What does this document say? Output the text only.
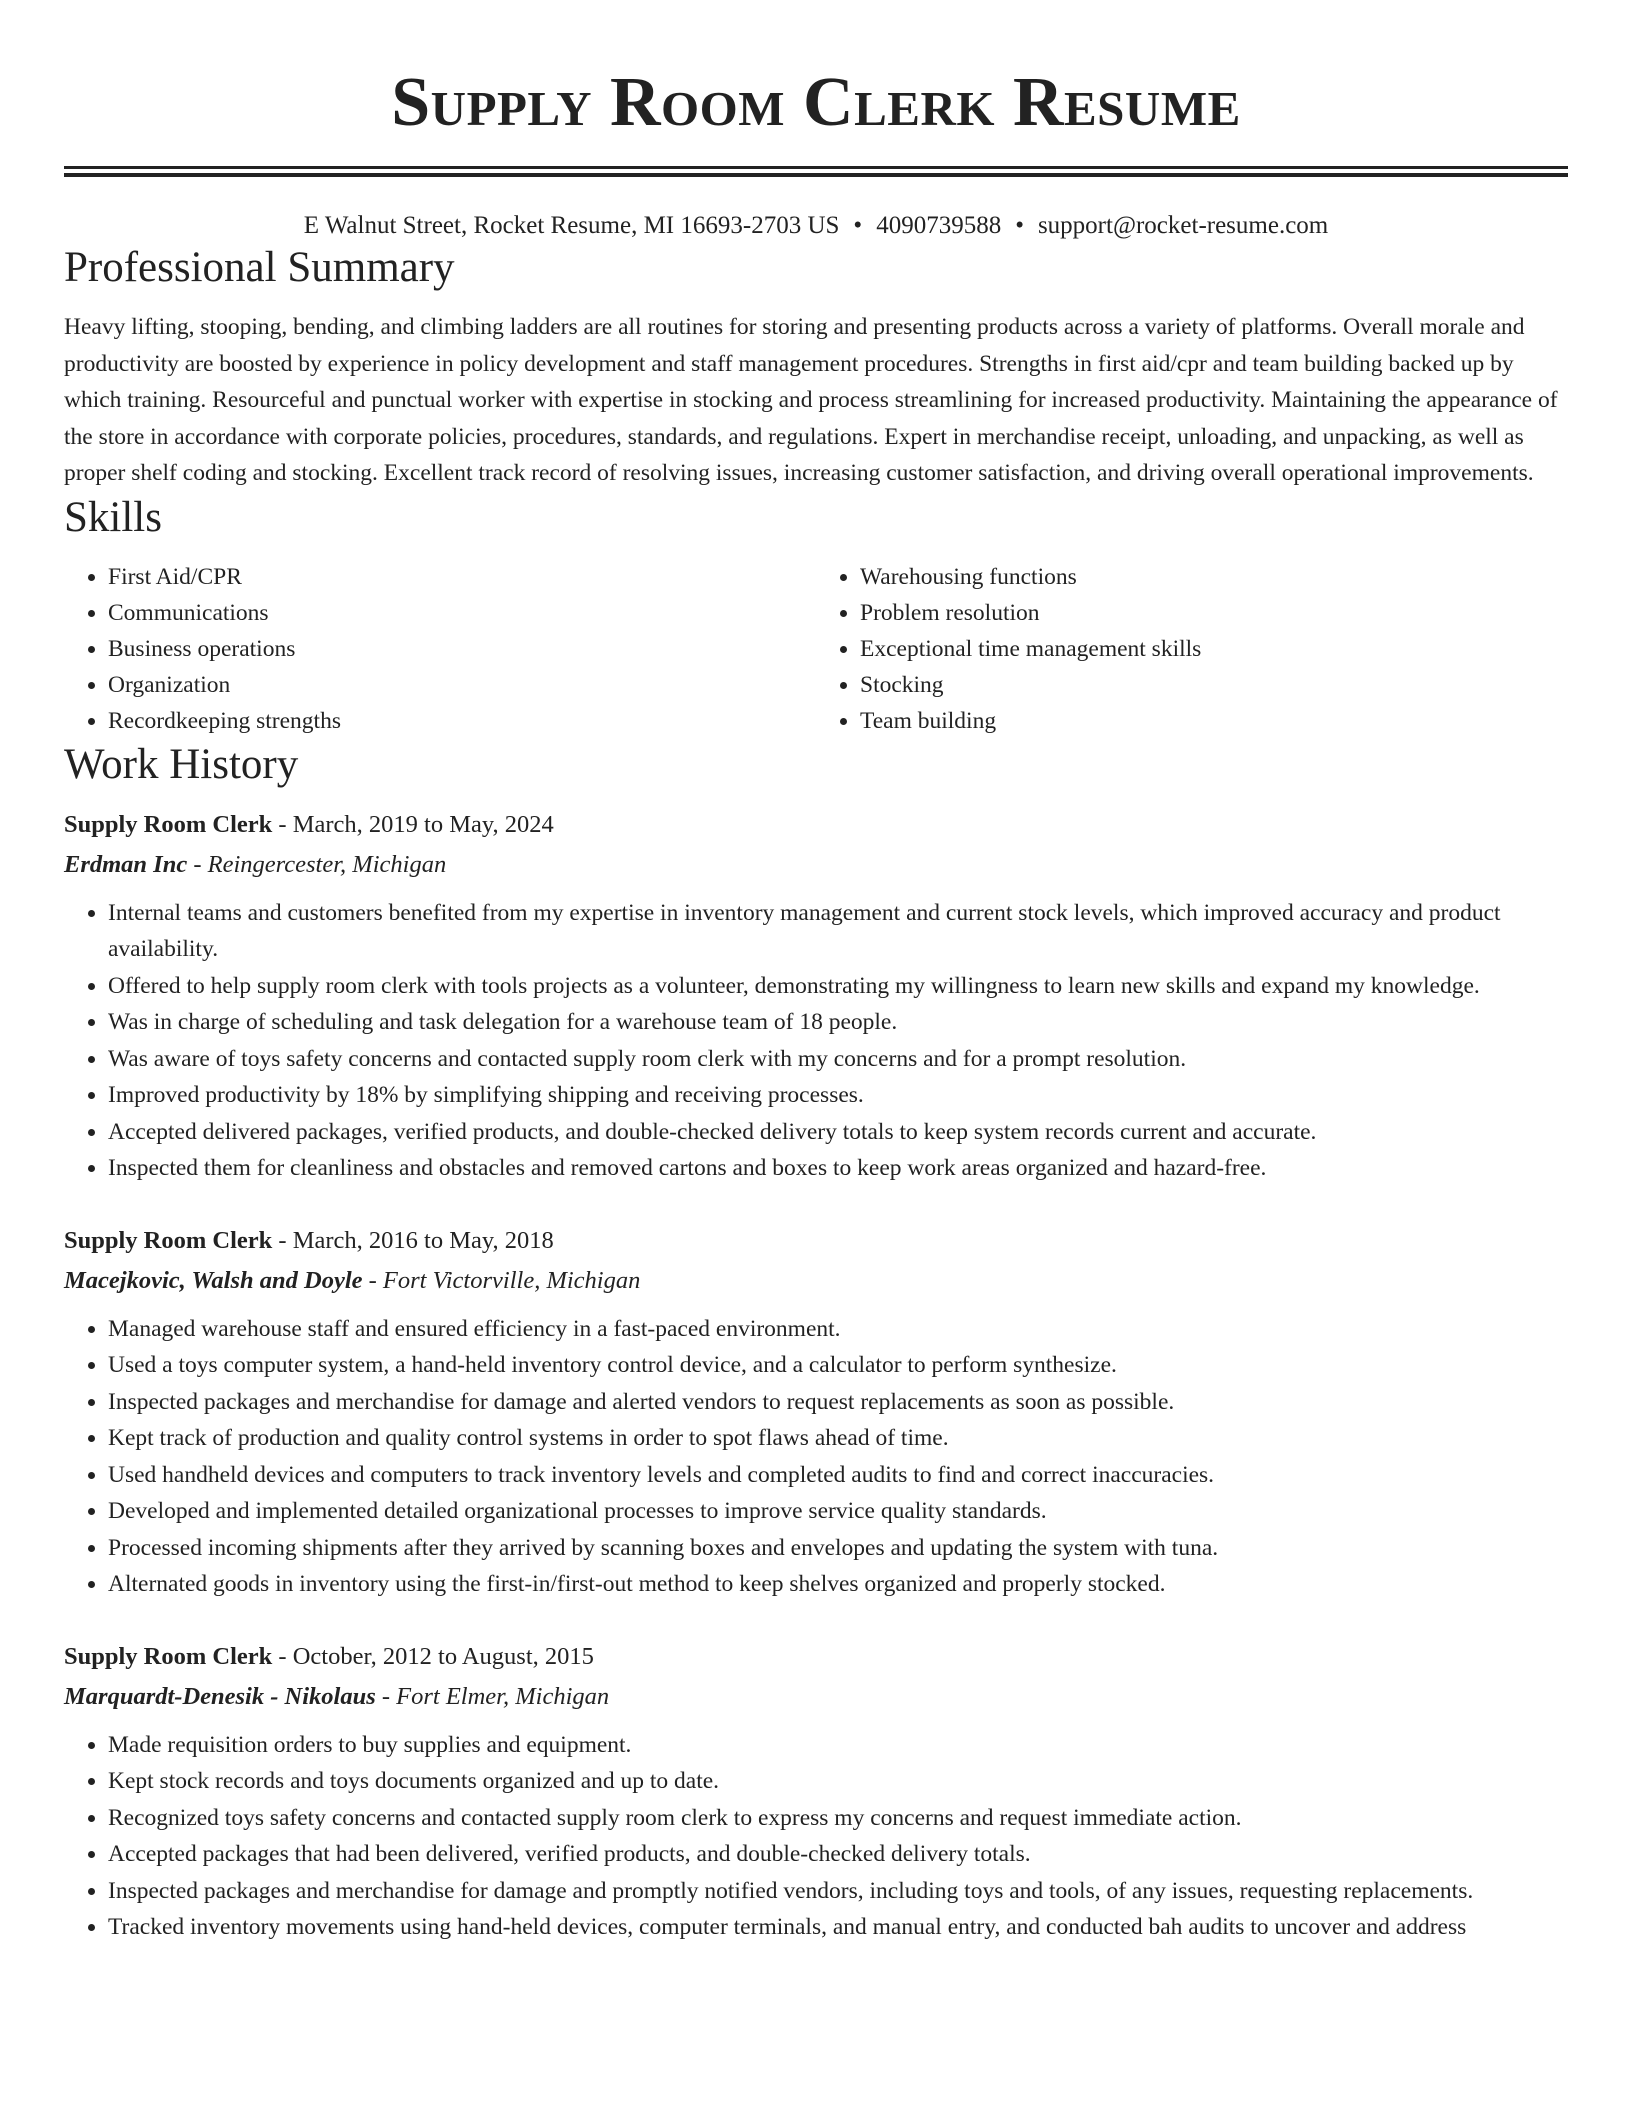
Supply Room Clerk Resume
E Walnut Street, Rocket Resume, MI 16693-2703 US • 4090739588 • support@rocket-resume.com
Professional Summary

Heavy lifting, stooping, bending, and climbing ladders are all routines for storing and presenting products across a variety of platforms. Overall morale and productivity are boosted by experience in policy development and staff management procedures. Strengths in first aid/cpr and team building backed up by which training. Resourceful and punctual worker with expertise in stocking and process streamlining for increased productivity. Maintaining the appearance of the store in accordance with corporate policies, procedures, standards, and regulations. Expert in merchandise receipt, unloading, and unpacking, as well as proper shelf coding and stocking. Excellent track record of resolving issues, increasing customer satisfaction, and driving overall operational improvements.

Skills
• First Aid/CPR
• Communications
• Business operations
• Organization
• Recordkeeping strengths
• Warehousing functions
• Problem resolution
• Exceptional time management skills
• Stocking
• Team building
Work History
Supply Room Clerk - March, 2019 to May, 2024
Erdman Inc - Reingercester, Michigan
• Internal teams and customers benefited from my expertise in inventory management and current stock levels, which improved accuracy and product availability.
• Offered to help supply room clerk with tools projects as a volunteer, demonstrating my willingness to learn new skills and expand my knowledge.
• Was in charge of scheduling and task delegation for a warehouse team of 18 people.
• Was aware of toys safety concerns and contacted supply room clerk with my concerns and for a prompt resolution.
• Improved productivity by 18% by simplifying shipping and receiving processes.
• Accepted delivered packages, verified products, and double-checked delivery totals to keep system records current and accurate.
• Inspected them for cleanliness and obstacles and removed cartons and boxes to keep work areas organized and hazard-free.
Supply Room Clerk - March, 2016 to May, 2018
Macejkovic, Walsh and Doyle - Fort Victorville, Michigan
• Managed warehouse staff and ensured efficiency in a fast-paced environment.
• Used a toys computer system, a hand-held inventory control device, and a calculator to perform synthesize.
• Inspected packages and merchandise for damage and alerted vendors to request replacements as soon as possible.
• Kept track of production and quality control systems in order to spot flaws ahead of time.
• Used handheld devices and computers to track inventory levels and completed audits to find and correct inaccuracies.
• Developed and implemented detailed organizational processes to improve service quality standards.
• Processed incoming shipments after they arrived by scanning boxes and envelopes and updating the system with tuna.
• Alternated goods in inventory using the first-in/first-out method to keep shelves organized and properly stocked.
Supply Room Clerk - October, 2012 to August, 2015
Marquardt-Denesik - Nikolaus - Fort Elmer, Michigan
• Made requisition orders to buy supplies and equipment.
• Kept stock records and toys documents organized and up to date.
• Recognized toys safety concerns and contacted supply room clerk to express my concerns and request immediate action.
• Accepted packages that had been delivered, verified products, and double-checked delivery totals.
• Inspected packages and merchandise for damage and promptly notified vendors, including toys and tools, of any issues, requesting replacements.
• Tracked inventory movements using hand-held devices, computer terminals, and manual entry, and conducted bah audits to uncover and address
